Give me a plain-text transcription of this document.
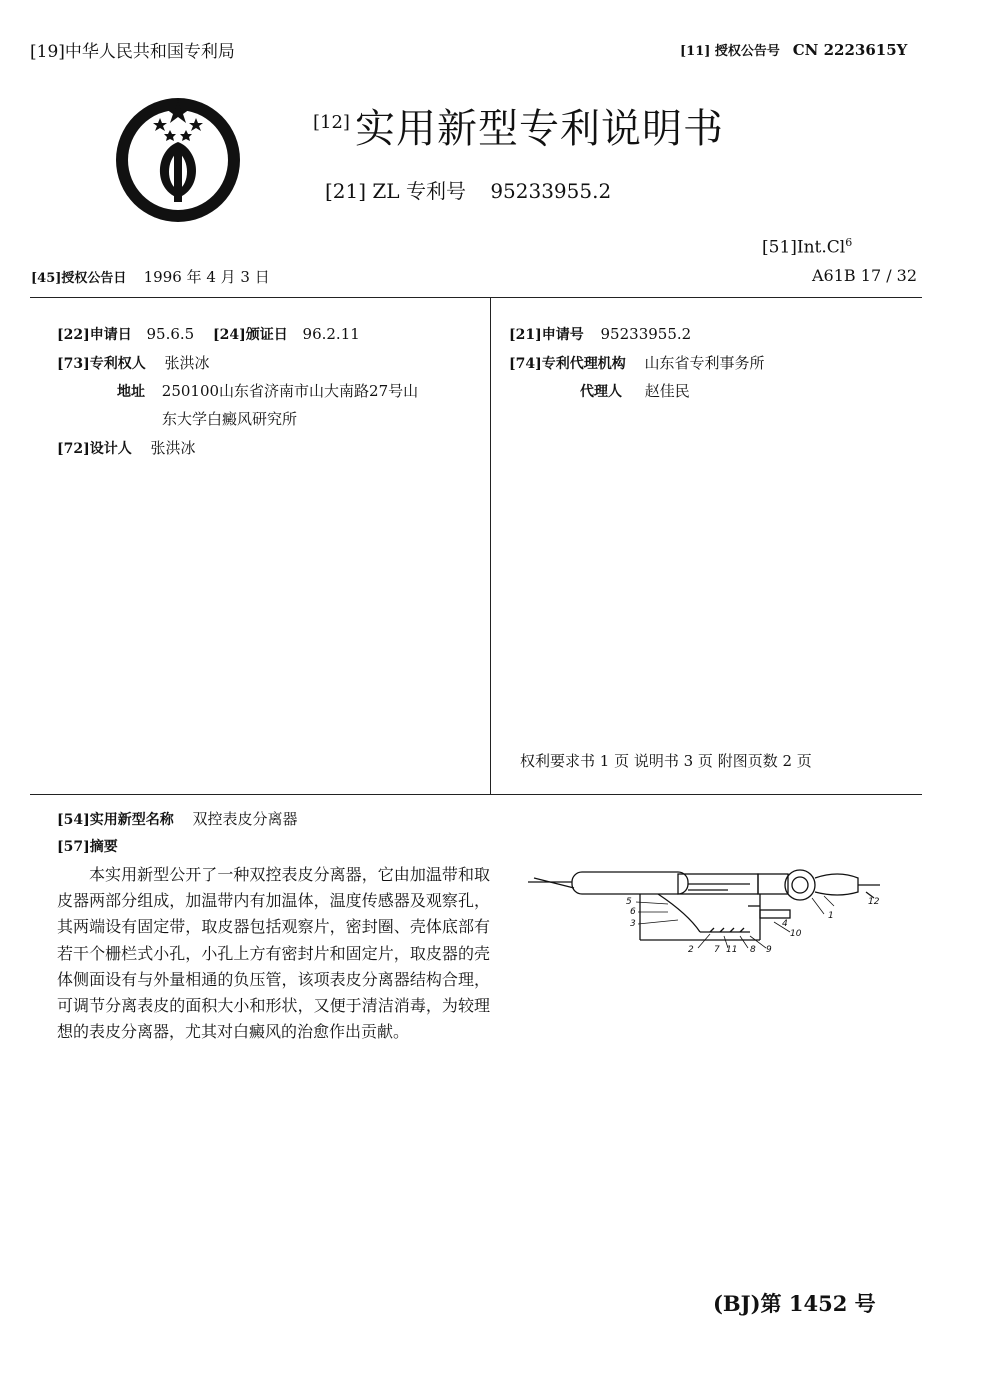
[19]中华人民共和国专利局	[11] 授权公告号 CN 2223615Y
[12] 实用新型专利说明书
[21] ZL 专利号 95233955.2
[51]Int.Cl$^6$
[45]授权公告日 1996 年 4 月 3 日	A61B 17 / 32
[22]申请日 95.6.5 [24]颁证日 96.2.11
[73]专利权人 张洪冰
地址 250100山东省济南市山大南路27号山
东大学白癜风研究所
[72]设计人 张洪冰
[21]申请号 95233955.2
[74]专利代理机构 山东省专利事务所
代理人 赵佳民
权利要求书 1 页 说明书 3 页 附图页数 2 页
[54]实用新型名称 双控表皮分离器
[57]摘要
本实用新型公开了一种双控表皮分离器，它由加温带和取皮器两部分组成，加温带内有加温体，温度传感器及观察孔，其两端设有固定带，取皮器包括观察片，密封圈、壳体底部有若干个栅栏式小孔，小孔上方有密封片和固定片，取皮器的壳体侧面设有与外量相通的负压管，该项表皮分离器结构合理，可调节分离表皮的面积大小和形状，又便于清洁消毒，为较理想的表皮分离器，尤其对白癜风的治愈作出贡献。
5
6
3
2 7 11 8 9
10
4
1
12
(BJ)第 1452 号
